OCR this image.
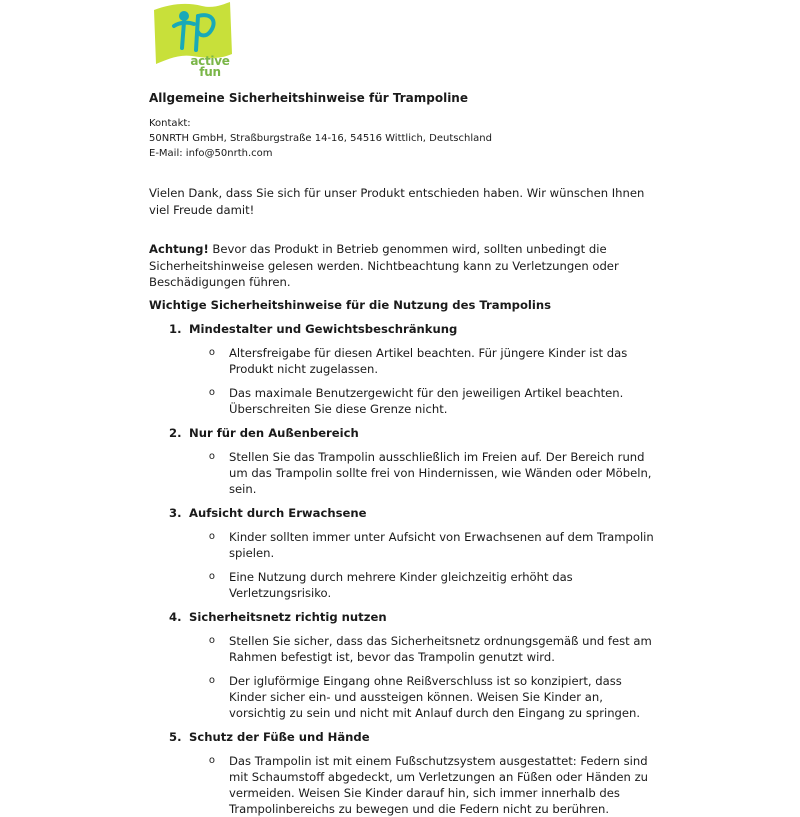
active
fun
Allgemeine Sicherheitshinweise für Trampoline
Kontakt:
50NRTH GmbH, Straßburgstraße 14-16, 54516 Wittlich, Deutschland
E-Mail: info@50nrth.com
Vielen Dank, dass Sie sich für unser Produkt entschieden haben. Wir wünschen Ihnen viel Freude damit!
Achtung! Bevor das Produkt in Betrieb genommen wird, sollten unbedingt die Sicherheitshinweise gelesen werden. Nichtbeachtung kann zu Verletzungen oder Beschädigungen führen.
Wichtige Sicherheitshinweise für die Nutzung des Trampolins
1. Mindestalter und Gewichtsbeschränkung
o	Altersfreigabe für diesen Artikel beachten. Für jüngere Kinder ist das Produkt nicht zugelassen.
o	Das maximale Benutzergewicht für den jeweiligen Artikel beachten. Überschreiten Sie diese Grenze nicht.
2. Nur für den Außenbereich
o	Stellen Sie das Trampolin ausschließlich im Freien auf. Der Bereich rund um das Trampolin sollte frei von Hindernissen, wie Wänden oder Möbeln, sein.
3. Aufsicht durch Erwachsene
o	Kinder sollten immer unter Aufsicht von Erwachsenen auf dem Trampolin spielen.
o	Eine Nutzung durch mehrere Kinder gleichzeitig erhöht das Verletzungsrisiko.
4. Sicherheitsnetz richtig nutzen
o	Stellen Sie sicher, dass das Sicherheitsnetz ordnungsgemäß und fest am Rahmen befestigt ist, bevor das Trampolin genutzt wird.
o	Der igluförmige Eingang ohne Reißverschluss ist so konzipiert, dass Kinder sicher ein- und aussteigen können. Weisen Sie Kinder an, vorsichtig zu sein und nicht mit Anlauf durch den Eingang zu springen.
5. Schutz der Füße und Hände
o	Das Trampolin ist mit einem Fußschutzsystem ausgestattet: Federn sind mit Schaumstoff abgedeckt, um Verletzungen an Füßen oder Händen zu vermeiden. Weisen Sie Kinder darauf hin, sich immer innerhalb des Trampolinbereichs zu bewegen und die Federn nicht zu berühren.
